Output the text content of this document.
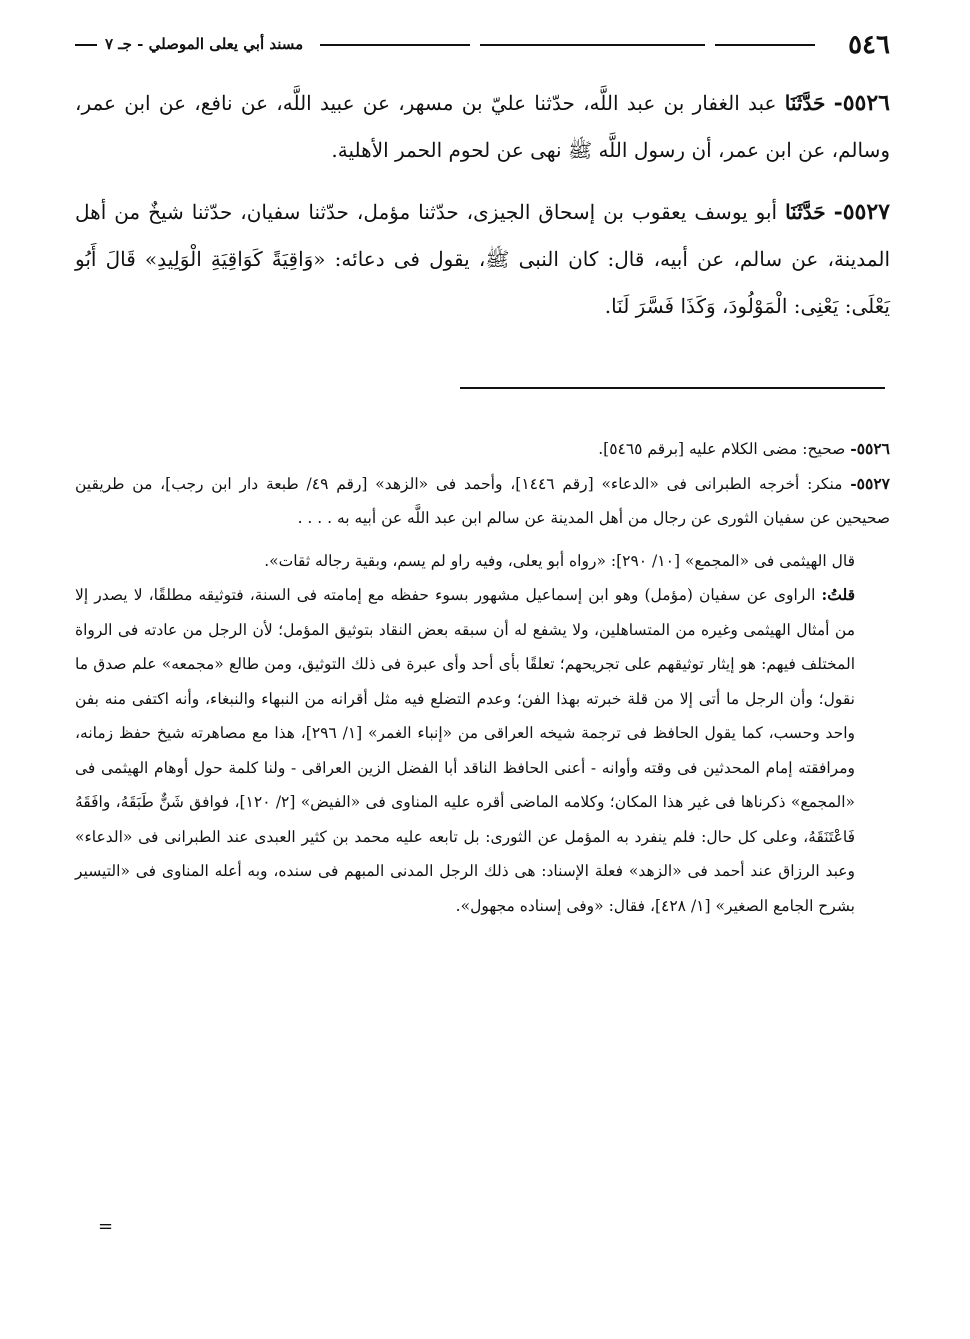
٥٤٦
مسند أبي يعلى الموصلي - جـ ٧

٥٥٢٦- حَدَّثَنَا عبد الغفار بن عبد اللَّه، حدّثنا عليّ بن مسهر، عن عبيد اللَّه، عن نافع، عن ابن عمر، وسالم، عن ابن عمر، أن رسول اللَّه ﷺ نهى عن لحوم الحمر الأهلية.

٥٥٢٧- حَدَّثَنَا أبو يوسف يعقوب بن إسحاق الجيزى، حدّثنا مؤمل، حدّثنا سفيان، حدّثنا شيخٌ من أهل المدينة، عن سالم، عن أبيه، قال: كان النبى ﷺ، يقول فى دعائه: «وَاقِيَةً كَوَاقِيَةِ الْوَلِيدِ» قَالَ أَبُو يَعْلَى: يَعْنِى: الْمَوْلُودَ، وَكَذَا فَسَّرَ لَنَا.

٥٥٢٦- صحيح: مضى الكلام عليه [برقم ٥٤٦٥].

٥٥٢٧- منكر: أخرجه الطبرانى فى «الدعاء» [رقم ١٤٤٦]، وأحمد فى «الزهد» [رقم ٤٩/ طبعة دار ابن رجب]، من طريقين صحيحين عن سفيان الثورى عن رجال من أهل المدينة عن سالم ابن عبد اللَّه عن أبيه به . . . .

قال الهيثمى فى «المجمع» [١٠/ ٢٩٠]: «رواه أبو يعلى، وفيه راو لم يسم، وبقية رجاله ثقات».

قلتُ: الراوى عن سفيان (مؤمل) وهو ابن إسماعيل مشهور بسوء حفظه مع إمامته فى السنة، فتوثيقه مطلقًا، لا يصدر إلا من أمثال الهيثمى وغيره من المتساهلين، ولا يشفع له أن سبقه بعض النقاد بتوثيق المؤمل؛ لأن الرجل من عادته فى الرواة المختلف فيهم: هو إيثار توثيقهم على تجريحهم؛ تعلقًا بأى أحد وأى عبرة فى ذلك التوثيق، ومن طالع «مجمعه» علم صدق ما نقول؛ وأن الرجل ما أتى إلا من قلة خبرته بهذا الفن؛ وعدم التضلع فيه مثل أقرانه من النبهاء والنبغاء، وأنه اكتفى منه بفن واحد وحسب، كما يقول الحافظ فى ترجمة شيخه العراقى من «إنباء الغمر» [١/ ٢٩٦]، هذا مع مصاهرته شيخ حفظ زمانه، ومرافقته إمام المحدثين فى وقته وأوانه - أعنى الحافظ الناقد أبا الفضل الزين العراقى - ولنا كلمة حول أوهام الهيثمى فى «المجمع» ذكرناها فى غير هذا المكان؛ وكلامه الماضى أقره عليه المناوى فى «الفيض» [٢/ ١٢٠]، فوافق شَنٌّ طَبَقَهُ، وافَقَهُ فَاعْتَنَقَهُ، وعلى كل حال: فلم ينفرد به المؤمل عن الثورى: بل تابعه عليه محمد بن كثير العبدى عند الطبرانى فى «الدعاء» وعبد الرزاق عند أحمد فى «الزهد» فعلة الإسناد: هى ذلك الرجل المدنى المبهم فى سنده، وبه أعله المناوى فى «التيسير بشرح الجامع الصغير» [١/ ٤٢٨]، فقال: «وفى إسناده مجهول».

=
